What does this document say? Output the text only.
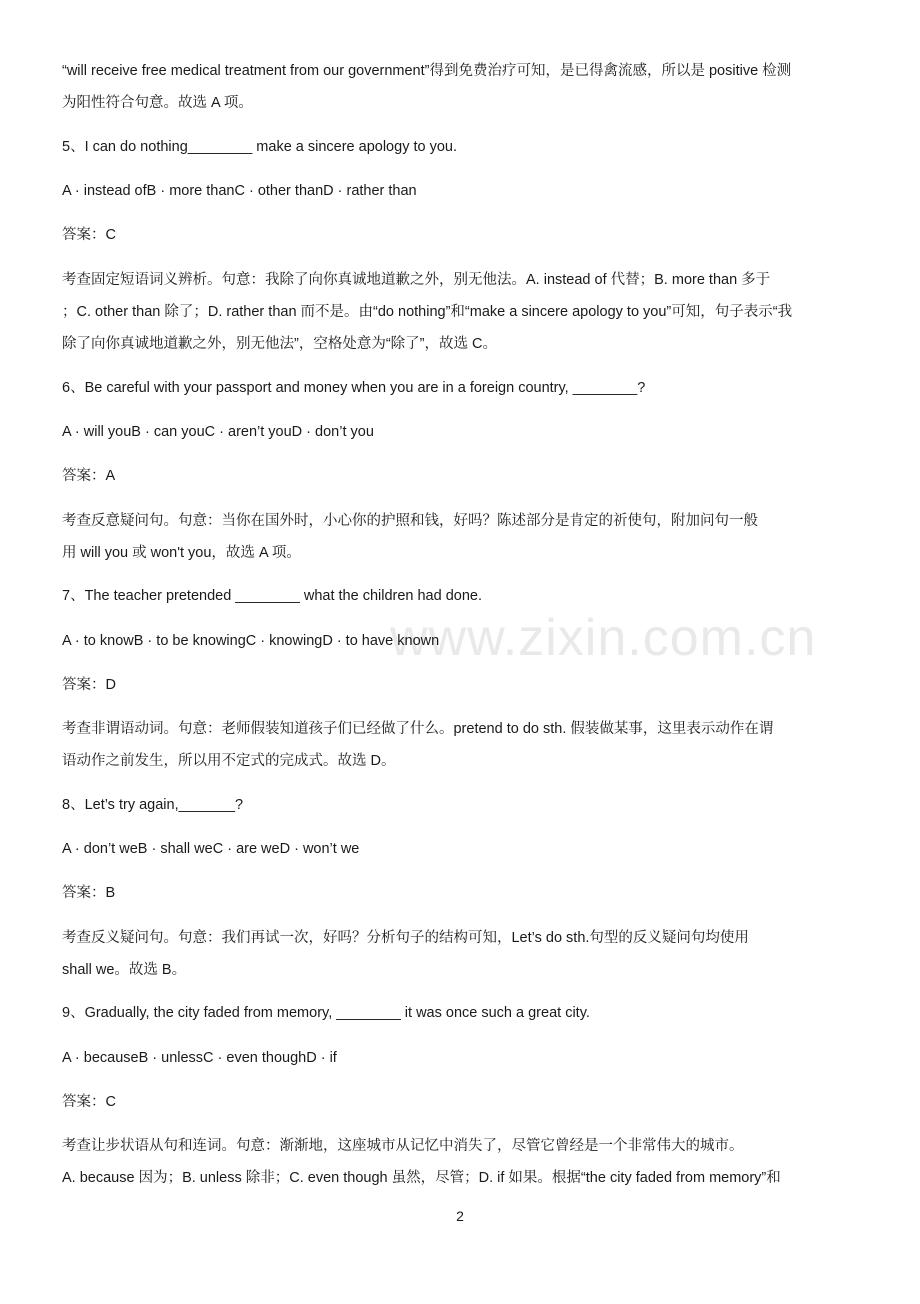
www.zixin.com.cn
“will receive free medical treatment from our government”得到免费治疗可知，是已得禽流感，所以是 positive 检测
为阳性符合句意。故选 A 项。
5、I can do nothing________ make a sincere apology to you.
A · instead ofB · more thanC · other thanD · rather than
答案：C
考查固定短语词义辨析。句意：我除了向你真诚地道歉之外，别无他法。A. instead of 代替；B. more than 多于
；C. other than 除了；D. rather than 而不是。由“do nothing”和“make a sincere apology to you”可知，句子表示“我
除了向你真诚地道歉之外，别无他法”，空格处意为“除了”，故选 C。
6、Be careful with your passport and money when you are in a foreign country, ________?
A · will youB · can youC · aren’t youD · don’t you
答案：A
考查反意疑问句。句意：当你在国外时，小心你的护照和钱，好吗？陈述部分是肯定的祈使句，附加问句一般
用 will you 或 won't you，故选 A 项。
7、The teacher pretended ________ what the children had done.
A · to knowB · to be knowingC · knowingD · to have known
答案：D
考查非谓语动词。句意：老师假装知道孩子们已经做了什么。pretend to do sth. 假装做某事，这里表示动作在谓
语动作之前发生，所以用不定式的完成式。故选 D。
8、Let’s try again,_______?
A · don’t weB · shall weC · are weD · won’t we
答案：B
考查反义疑问句。句意：我们再试一次，好吗？分析句子的结构可知，Let’s do sth.句型的反义疑问句均使用
shall we。故选 B。
9、Gradually, the city faded from memory, ________ it was once such a great city.
A · becauseB · unlessC · even thoughD · if
答案：C
考查让步状语从句和连词。句意：渐渐地，这座城市从记忆中消失了，尽管它曾经是一个非常伟大的城市。
A. because 因为；B. unless 除非；C. even though 虽然，尽管；D. if 如果。根据“the city faded from memory”和
2
